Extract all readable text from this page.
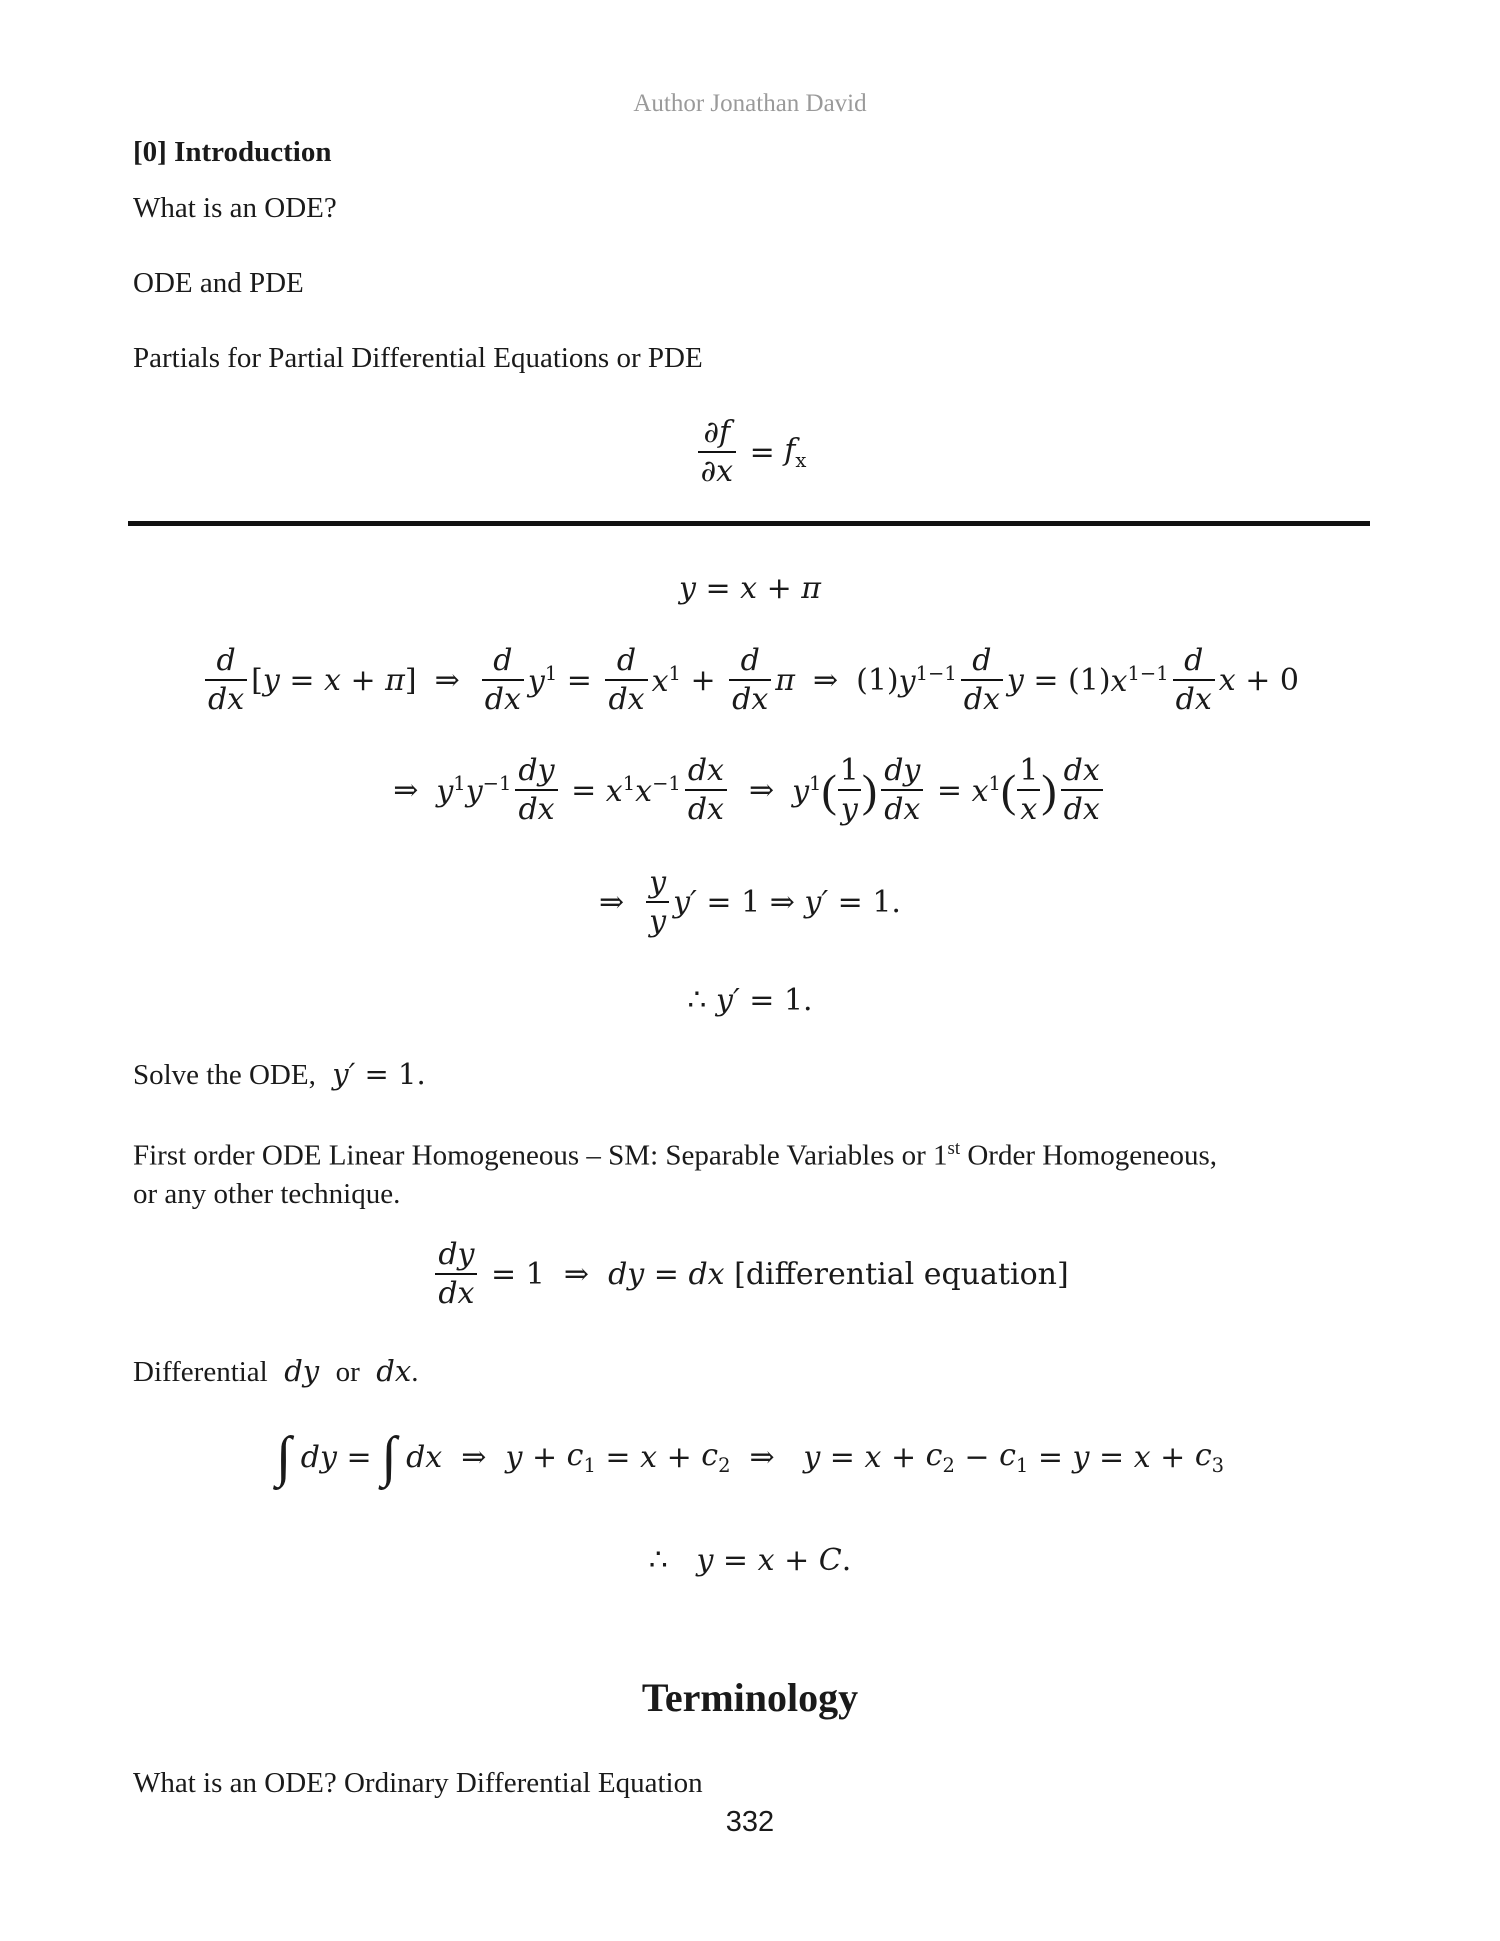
Author Jonathan David
[0] Introduction
What is an ODE?
ODE and PDE
Partials for Partial Differential Equations or PDE
$\frac{\partial f}{\partial x} = f_x$
y = x + π
$\frac{d}{dx}$ [ y = x + π ] ⇒ $\frac{d}{dx} y^1 = \frac{d}{dx} x^1 + \frac{d}{dx}$ π ⇒ (1) $y^{1-1} \frac{d}{dx}$ y = (1) $x^{1-1} \frac{d}{dx}$ x + 0
⇒ $y^1y^{-1} \frac{dy}{dx} = x^1x^{-1} \frac{dx}{dx}$ ⇒ $y^1$ ( $\frac{1}{y}$ ) $\frac{dy}{dx} = x^1$ ( $\frac{1}{x}$ ) $\frac{dx}{dx}$
⇒ $\frac{y}{y} y' = 1$ ⇒ y′ = 1.
∴ y′ = 1.
Solve the ODE,  y′ = 1.
First order ODE Linear Homogeneous – SM: Separable Variables or 1st Order Homogeneous,
or any other technique.
$\frac{dy}{dx} = 1$  ⇒ dy = dx
[differential equation]
Differential  dy  or  dx.
∫ dy = ∫ dx ⇒ $y + c_1 = x + c_2$ ⇒ $y = x + c_2 - c_1 = y = x + c_3$
∴ y = x + C .
Terminology
What is an ODE? Ordinary Differential Equation
332
